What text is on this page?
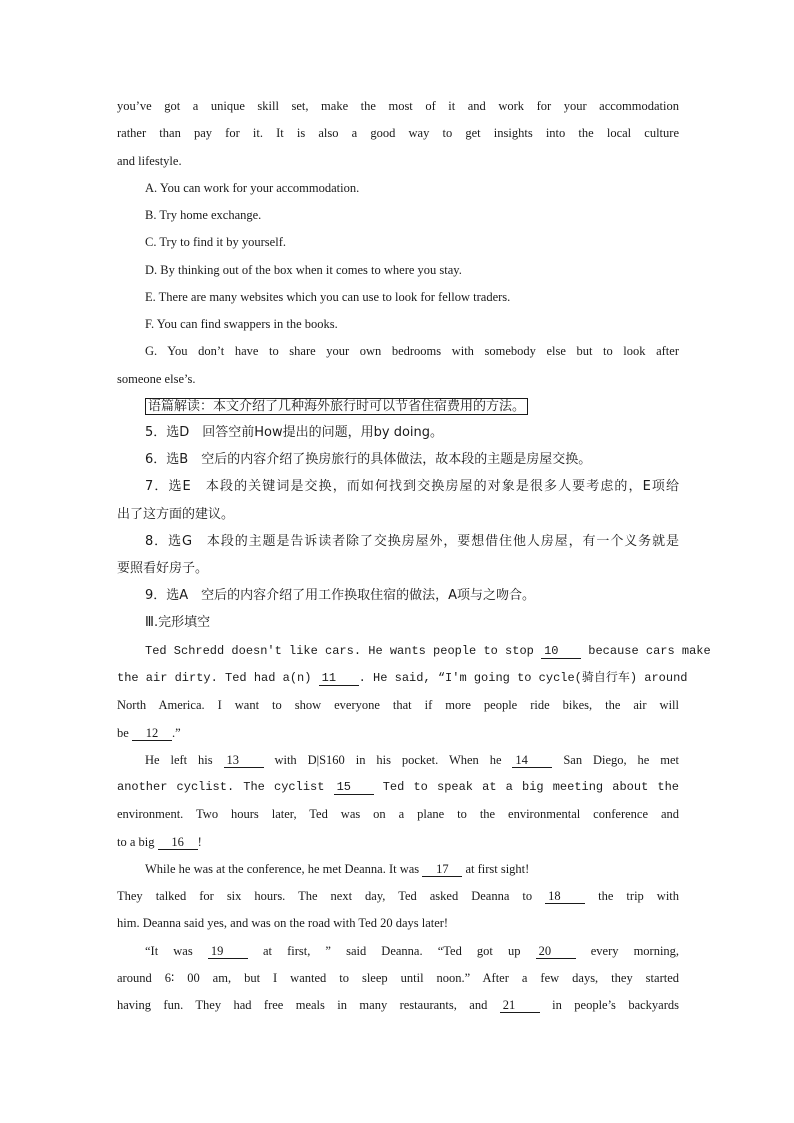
you’ve got a unique skill set, make the most of it and work for your accommodation
rather than pay for it. It is also a good way to get insights into the local culture
and lifestyle.
A. You can work for your accommodation.
B. Try home exchange.
C. Try to find it by yourself.
D. By thinking out of the box when it comes to where you stay.
E. There are many websites which you can use to look for fellow traders.
F. You can find swappers in the books.
G. You don’t have to share your own bedrooms with somebody else but to look after
someone else’s.
语篇解读：本文介绍了几种海外旅行时可以节省住宿费用的方法。
5．选D　回答空前How提出的问题，用by doing。
6．选B　空后的内容介绍了换房旅行的具体做法，故本段的主题是房屋交换。
7．选E　本段的关键词是交换，而如何找到交换房屋的对象是很多人要考虑的，E项给
出了这方面的建议。
8．选G　本段的主题是告诉读者除了交换房屋外，要想借住他人房屋，有一个义务就是
要照看好房子。
9．选A　空后的内容介绍了用工作换取住宿的做法，A项与之吻合。
Ⅲ.完形填空
Ted Schredd doesn't like cars. He wants people to stop 10 because cars make
the air dirty. Ted had a(n) 11 . He said, “I'm going to cycle(骑自行车) around
North America. I want to show everyone that if more people ride bikes, the air will
be 12 .”
He left his 13	with D|S160 in his pocket. When he 14	San Diego, he met
another cyclist. The cyclist 15	Ted to speak at a big meeting about the
environment. Two hours later, Ted was on a plane to the environmental conference and
to a big 16 !
While he was at the conference, he met Deanna. It was 17 at first sight!
They talked for six hours. The next day, Ted asked Deanna to 18	the trip with
him. Deanna said yes, and was on the road with Ted 20 days later!
“It was 19	at first, ” said Deanna. “Ted got up 20	every morning,
around 6∶ 00 am, but I wanted to sleep until noon.” After a few days, they started
having fun. They had free meals in many restaurants, and 21	in people’s backyards
